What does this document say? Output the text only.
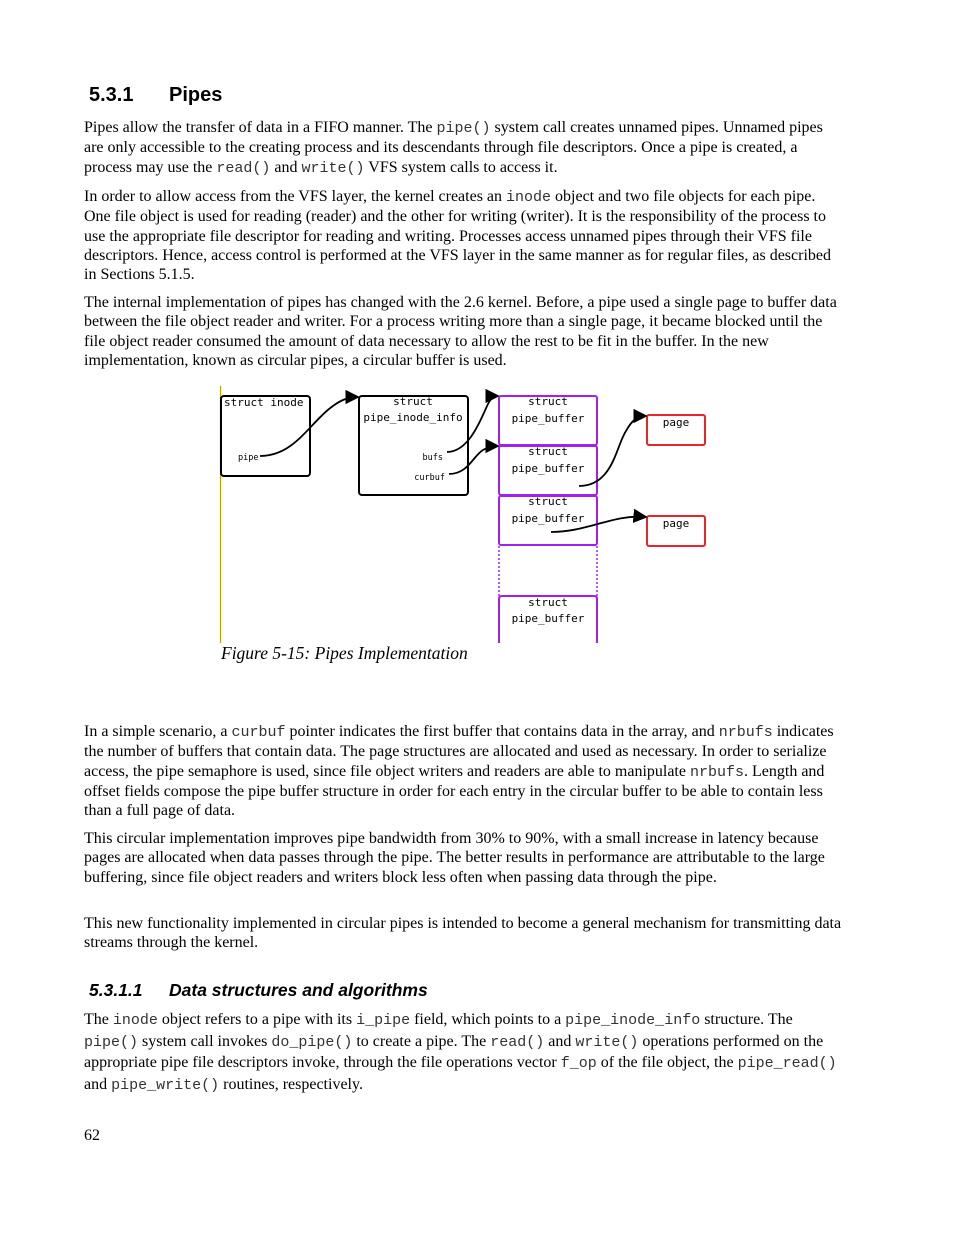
5.3.1 Pipes

Pipes allow the transfer of data in a FIFO manner. The pipe() system call creates unnamed pipes. Unnamed pipes are only accessible to the creating process and its descendants through file descriptors. Once a pipe is created, a process may use the read() and write() VFS system calls to access it.

In order to allow access from the VFS layer, the kernel creates an inode object and two file objects for each pipe. One file object is used for reading (reader) and the other for writing (writer). It is the responsibility of the process to use the appropriate file descriptor for reading and writing. Processes access unnamed pipes through their VFS file descriptors. Hence, access control is performed at the VFS layer in the same manner as for regular files, as described in Sections 5.1.5.

The internal implementation of pipes has changed with the 2.6 kernel. Before, a pipe used a single page to buffer data between the file object reader and writer. For a process writing more than a single page, it became blocked until the file object reader consumed the amount of data necessary to allow the rest to be fit in the buffer. In the new implementation, known as circular pipes, a circular buffer is used.

struct inode
pipe
struct
pipe_inode_info
bufs
curbuf
struct
pipe_buffer
struct
pipe_buffer
struct
pipe_buffer
struct
pipe_buffer
page
page
Figure 5-15: Pipes Implementation

In a simple scenario, a curbuf pointer indicates the first buffer that contains data in the array, and nrbufs indicates the number of buffers that contain data. The page structures are allocated and used as necessary. In order to serialize access, the pipe semaphore is used, since file object writers and readers are able to manipulate nrbufs. Length and offset fields compose the pipe buffer structure in order for each entry in the circular buffer to be able to contain less than a full page of data.

This circular implementation improves pipe bandwidth from 30% to 90%, with a small increase in latency because pages are allocated when data passes through the pipe. The better results in performance are attributable to the large buffering, since file object readers and writers block less often when passing data through the pipe.

This new functionality implemented in circular pipes is intended to become a general mechanism for transmitting data streams through the kernel.

5.3.1.1 Data structures and algorithms

The inode object refers to a pipe with its i_pipe field, which points to a pipe_inode_info structure. The pipe() system call invokes do_pipe() to create a pipe. The read() and write() operations performed on the appropriate pipe file descriptors invoke, through the file operations vector f_op of the file object, the pipe_read() and pipe_write() routines, respectively.

62
